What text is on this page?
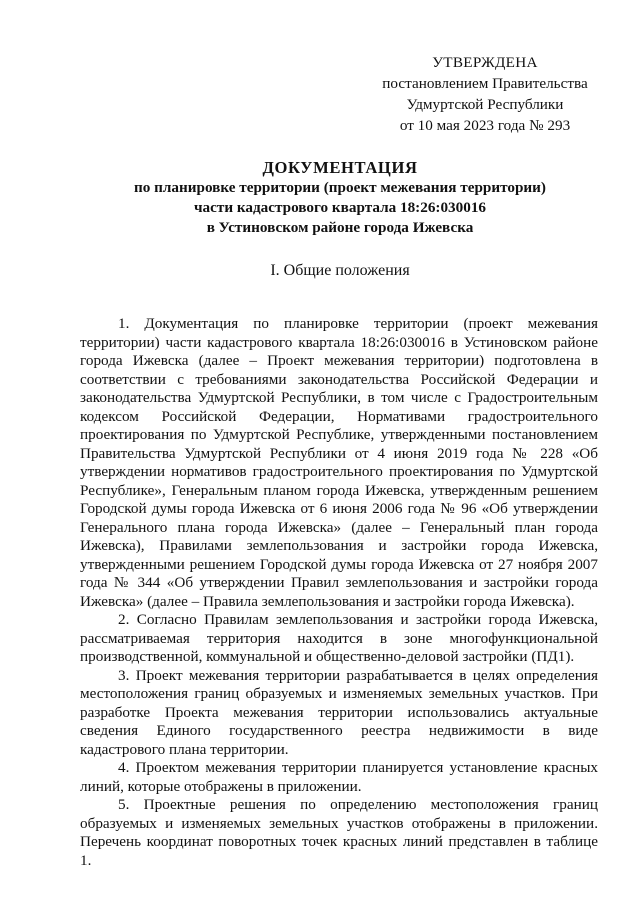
УТВЕРЖДЕНА
постановлением Правительства
Удмуртской Республики
от 10 мая 2023 года № 293
ДОКУМЕНТАЦИЯ
по планировке территории (проект межевания территории)
части кадастрового квартала 18:26:030016
в Устиновском районе города Ижевска
I. Общие положения

1. Документация по планировке территории (проект межевания территории) части кадастрового квартала 18:26:030016 в Устиновском районе города Ижевска (далее – Проект межевания территории) подготовлена в соответствии с требованиями законодательства Российской Федерации и законодательства Удмуртской Республики, в том числе с Градостроительным кодексом Российской Федерации, Нормативами градостроительного проектирования по Удмуртской Республике, утвержденными постановлением Правительства Удмуртской Республики от 4 июня 2019 года № 228 «Об утверждении нормативов градостроительного проектирования по Удмуртской Республике», Генеральным планом города Ижевска, утвержденным решением Городской думы города Ижевска от 6 июня 2006 года № 96 «Об утверждении Генерального плана города Ижевска» (далее – Генеральный план города Ижевска), Правилами землепользования и застройки города Ижевска, утвержденными решением Городской думы города Ижевска от 27 ноября 2007 года № 344 «Об утверждении Правил землепользования и застройки города Ижевска» (далее – Правила землепользования и застройки города Ижевска).

2. Согласно Правилам землепользования и застройки города Ижевска, рассматриваемая территория находится в зоне многофункциональной производственной, коммунальной и общественно-деловой застройки (ПД1).

3. Проект межевания территории разрабатывается в целях определения местоположения границ образуемых и изменяемых земельных участков. При разработке Проекта межевания территории использовались актуальные сведения Единого государственного реестра недвижимости в виде кадастрового плана территории.

4. Проектом межевания территории планируется установление красных линий, которые отображены в приложении.

5. Проектные решения по определению местоположения границ образуемых и изменяемых земельных участков отображены в приложении. Перечень координат поворотных точек красных линий представлен в таблице 1.
